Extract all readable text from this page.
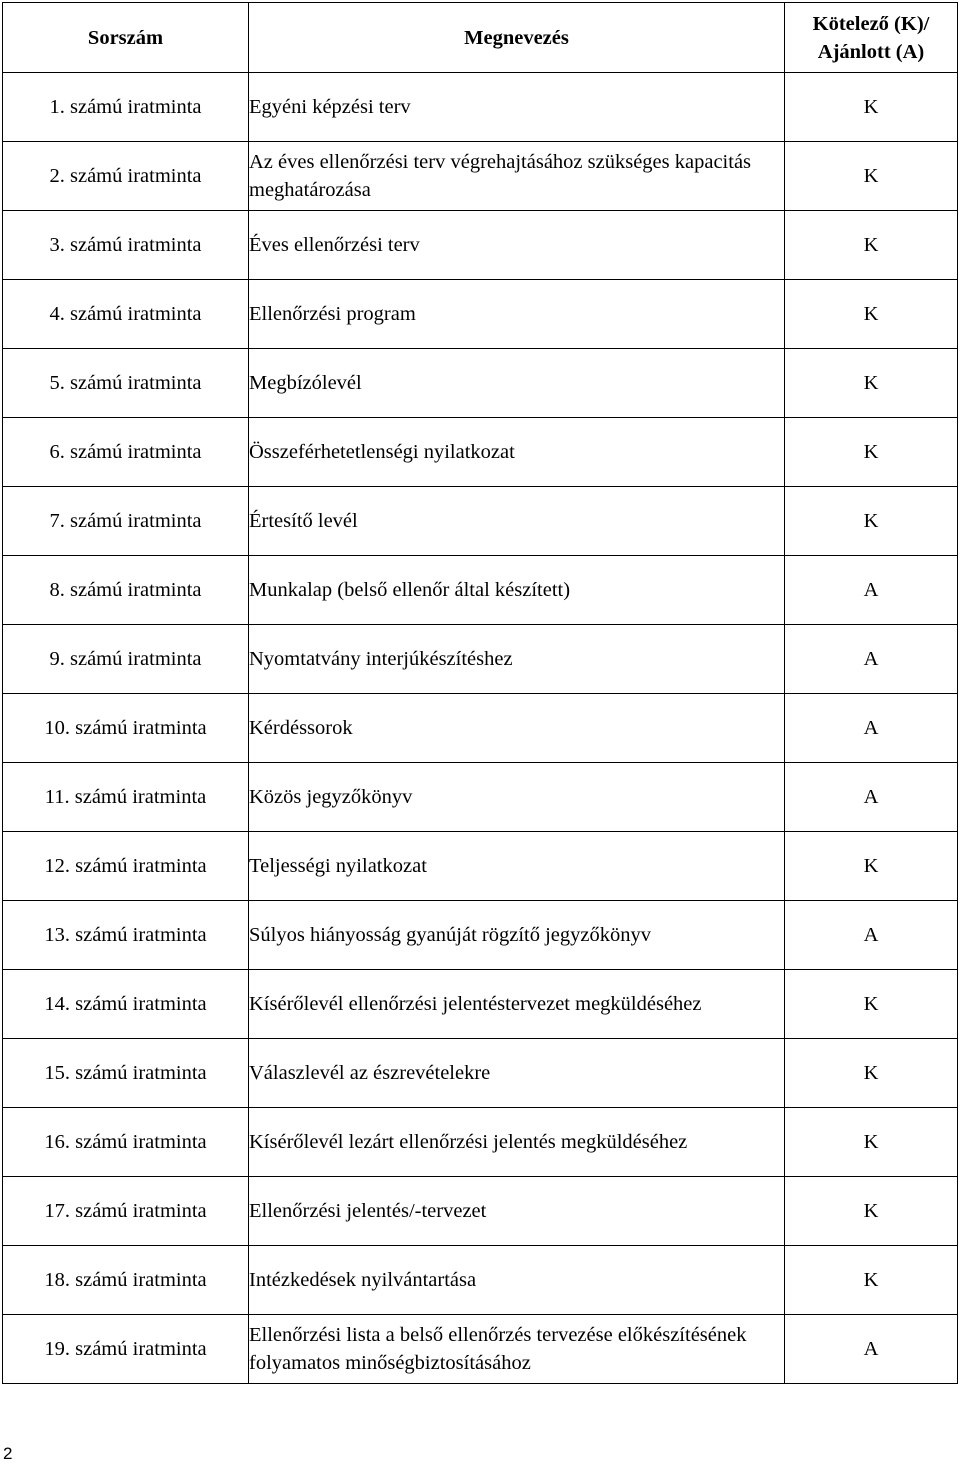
Sorszám	Megnevezés	Kötelező (K)/ Ajánlott (A)
1. számú iratminta	Egyéni képzési terv	K
2. számú iratminta	Az éves ellenőrzési terv végrehajtásához szükséges kapacitás meghatározása	K
3. számú iratminta	Éves ellenőrzési terv	K
4. számú iratminta	Ellenőrzési program	K
5. számú iratminta	Megbízólevél	K
6. számú iratminta	Összeférhetetlenségi nyilatkozat	K
7. számú iratminta	Értesítő levél	K
8. számú iratminta	Munkalap (belső ellenőr által készített)	A
9. számú iratminta	Nyomtatvány interjúkészítéshez	A
10. számú iratminta	Kérdéssorok	A
11. számú iratminta	Közös jegyzőkönyv	A
12. számú iratminta	Teljességi nyilatkozat	K
13. számú iratminta	Súlyos hiányosság gyanúját rögzítő jegyzőkönyv	A
14. számú iratminta	Kísérőlevél ellenőrzési jelentéstervezet megküldéséhez	K
15. számú iratminta	Válaszlevél az észrevételekre	K
16. számú iratminta	Kísérőlevél lezárt ellenőrzési jelentés megküldéséhez	K
17. számú iratminta	Ellenőrzési jelentés/-tervezet	K
18. számú iratminta	Intézkedések nyilvántartása	K
19. számú iratminta	Ellenőrzési lista a belső ellenőrzés tervezése előkészítésének folyamatos minőségbiztosításához	A
2
